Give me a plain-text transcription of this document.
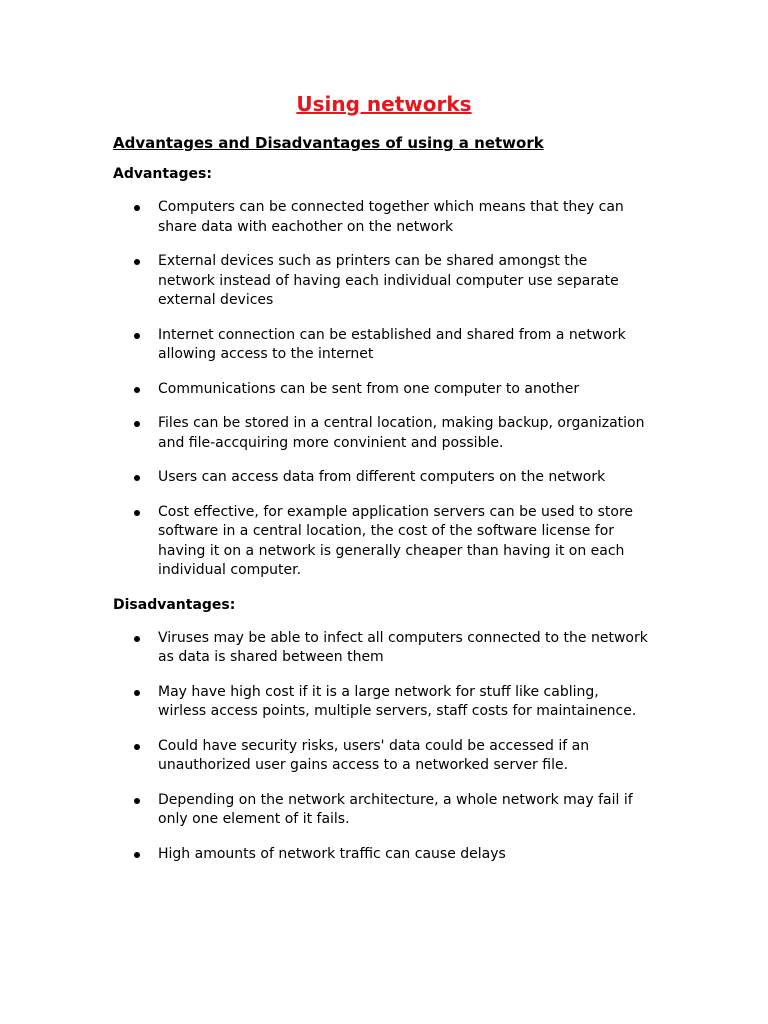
Using networks
Advantages and Disadvantages of using a network
Advantages:
Computers can be connected together which means that they can share data with eachother on the network
External devices such as printers can be shared amongst the network instead of having each individual computer use separate external devices
Internet connection can be established and shared from a network allowing access to the internet
Communications can be sent from one computer to another
Files can be stored in a central location, making backup, organization and file-accquiring more convinient and possible.
Users can access data from different computers on the network
Cost effective, for example application servers can be used to store software in a central location, the cost of the software license for having it on a network is generally cheaper than having it on each individual computer.
Disadvantages:
Viruses may be able to infect all computers connected to the network as data is shared between them
May have high cost if it is a large network for stuff like cabling, wirless access points, multiple servers, staff costs for maintainence.
Could have security risks, users' data could be accessed if an unauthorized user gains access to a networked server file.
Depending on the network architecture, a whole network may fail if only one element of it fails.
High amounts of network traffic can cause delays
